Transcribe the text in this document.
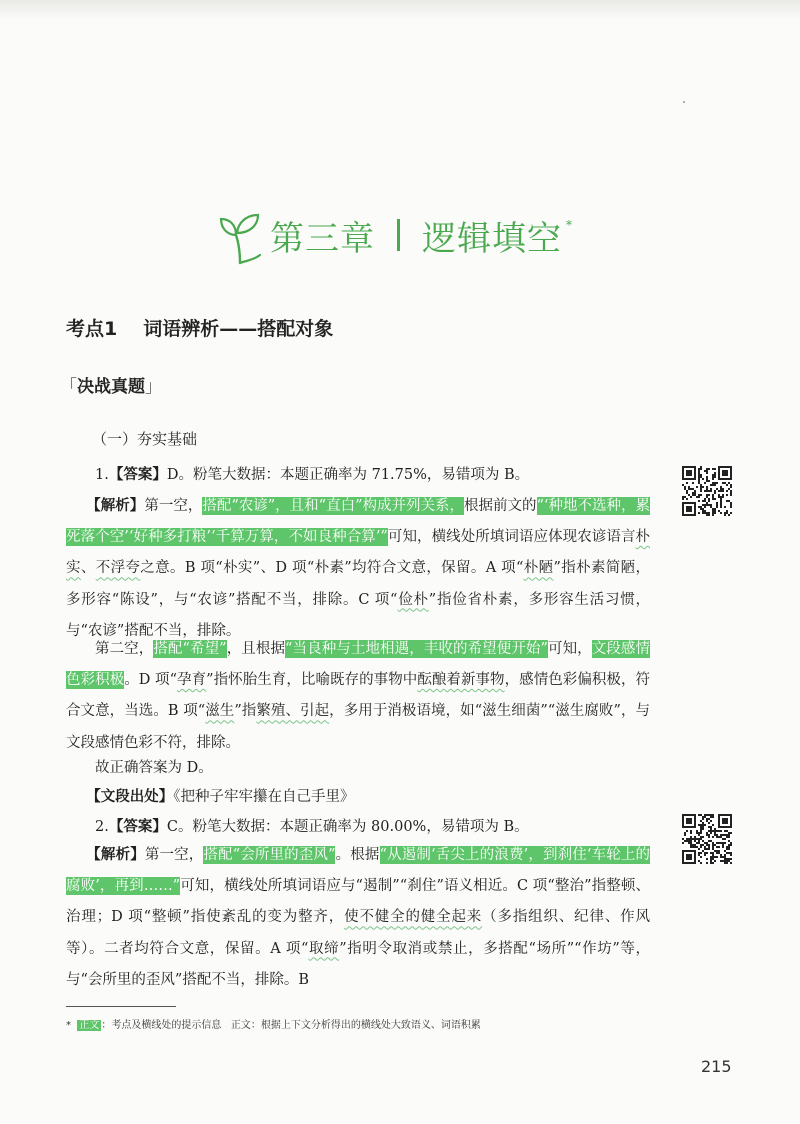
第三章 逻辑填空 *
考点1 词语辨析——搭配对象
「决战真题」
（一）夯实基础
1.【答案】D。粉笔大数据：本题正确率为 71.75%，易错项为 B。
【解析】第一空，搭配“农谚”，且和“直白”构成并列关系，根据前文的“‘种地不选种，累死落个空’‘好种多打粮’‘千算万算，不如良种合算’”可知，横线处所填词语应体现农谚语言朴实、不浮夸之意。B 项“朴实”、D 项“朴素”均符合文意，保留。A 项“朴陋”指朴素简陋，多形容“陈设”，与“农谚”搭配不当，排除。C 项“俭朴”指俭省朴素，多形容生活习惯，与“农谚”搭配不当，排除。
第二空，搭配“希望”，且根据“当良种与土地相遇，丰收的希望便开始”可知，文段感情色彩积极。D 项“孕育”指怀胎生育，比喻既存的事物中酝酿着新事物，感情色彩偏积极，符合文意，当选。B 项“滋生”指繁殖、引起，多用于消极语境，如“滋生细菌”“滋生腐败”，与文段感情色彩不符，排除。
故正确答案为 D。
【文段出处】《把种子牢牢攥在自己手里》
2.【答案】C。粉笔大数据：本题正确率为 80.00%，易错项为 B。
【解析】第一空，搭配“会所里的歪风”。根据“从遏制‘舌尖上的浪费’，到刹住‘车轮上的腐败’，再到……”可知，横线处所填词语应与“遏制”“刹住”语义相近。C 项“整治”指整顿、治理；D 项“整顿”指使紊乱的变为整齐，使不健全的健全起来（多指组织、纪律、作风等）。二者均符合文意，保留。A 项“取缔”指明令取消或禁止，多搭配“场所”“作坊”等，与“会所里的歪风”搭配不当，排除。B
* 正文 ：考点及横线处的提示信息 正文：根据上下文分析得出的横线处大致语义、词语积累
215
